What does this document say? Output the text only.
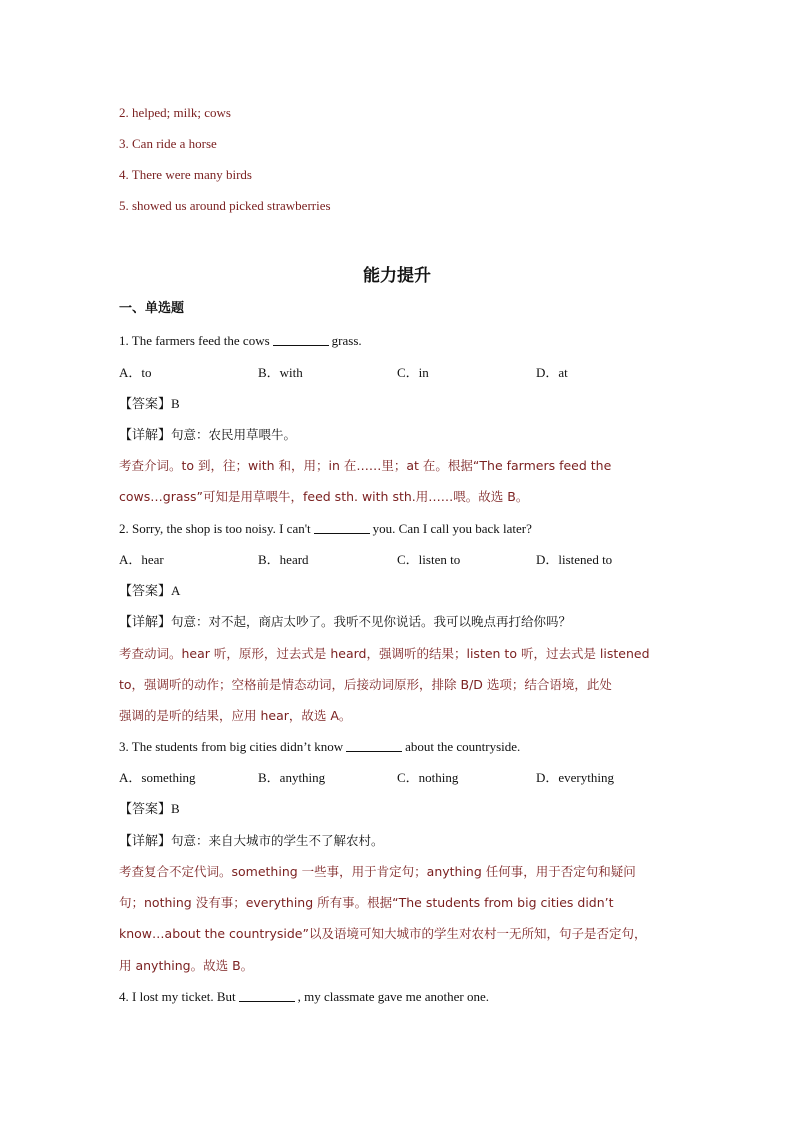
2. helped; milk; cows
3. Can ride a horse
4. There were many birds
5. showed us around picked strawberries
能力提升
一、单选题
1. The farmers feed the cows	grass.
A．to	B．with	C．in	D．at
【答案】B
【详解】句意：农民用草喂牛。
考查介词。to 到，往；with 和，用；in 在……里；at 在。根据“The farmers feed the
cows…grass”可知是用草喂牛，feed sth. with sth.用……喂。故选 B。
2. Sorry, the shop is too noisy. I can't	you. Can I call you back later?
A．hear	B．heard	C．listen to	D．listened to
【答案】A
【详解】句意：对不起，商店太吵了。我听不见你说话。我可以晚点再打给你吗？
考查动词。hear 听，原形，过去式是 heard，强调听的结果；listen to 听，过去式是 listened
to，强调听的动作；空格前是情态动词，后接动词原形，排除 B/D 选项；结合语境，此处
强调的是听的结果，应用 hear，故选 A。
3. The students from big cities didn’t know	about the countryside.
A．something	B．anything	C．nothing	D．everything
【答案】B
【详解】句意：来自大城市的学生不了解农村。
考查复合不定代词。something 一些事，用于肯定句；anything 任何事，用于否定句和疑问
句；nothing 没有事；everything 所有事。根据“The students from big cities didn’t
know…about the countryside”以及语境可知大城市的学生对农村一无所知，句子是否定句，
用 anything。故选 B。
4. I lost my ticket. But	, my classmate gave me another one.
